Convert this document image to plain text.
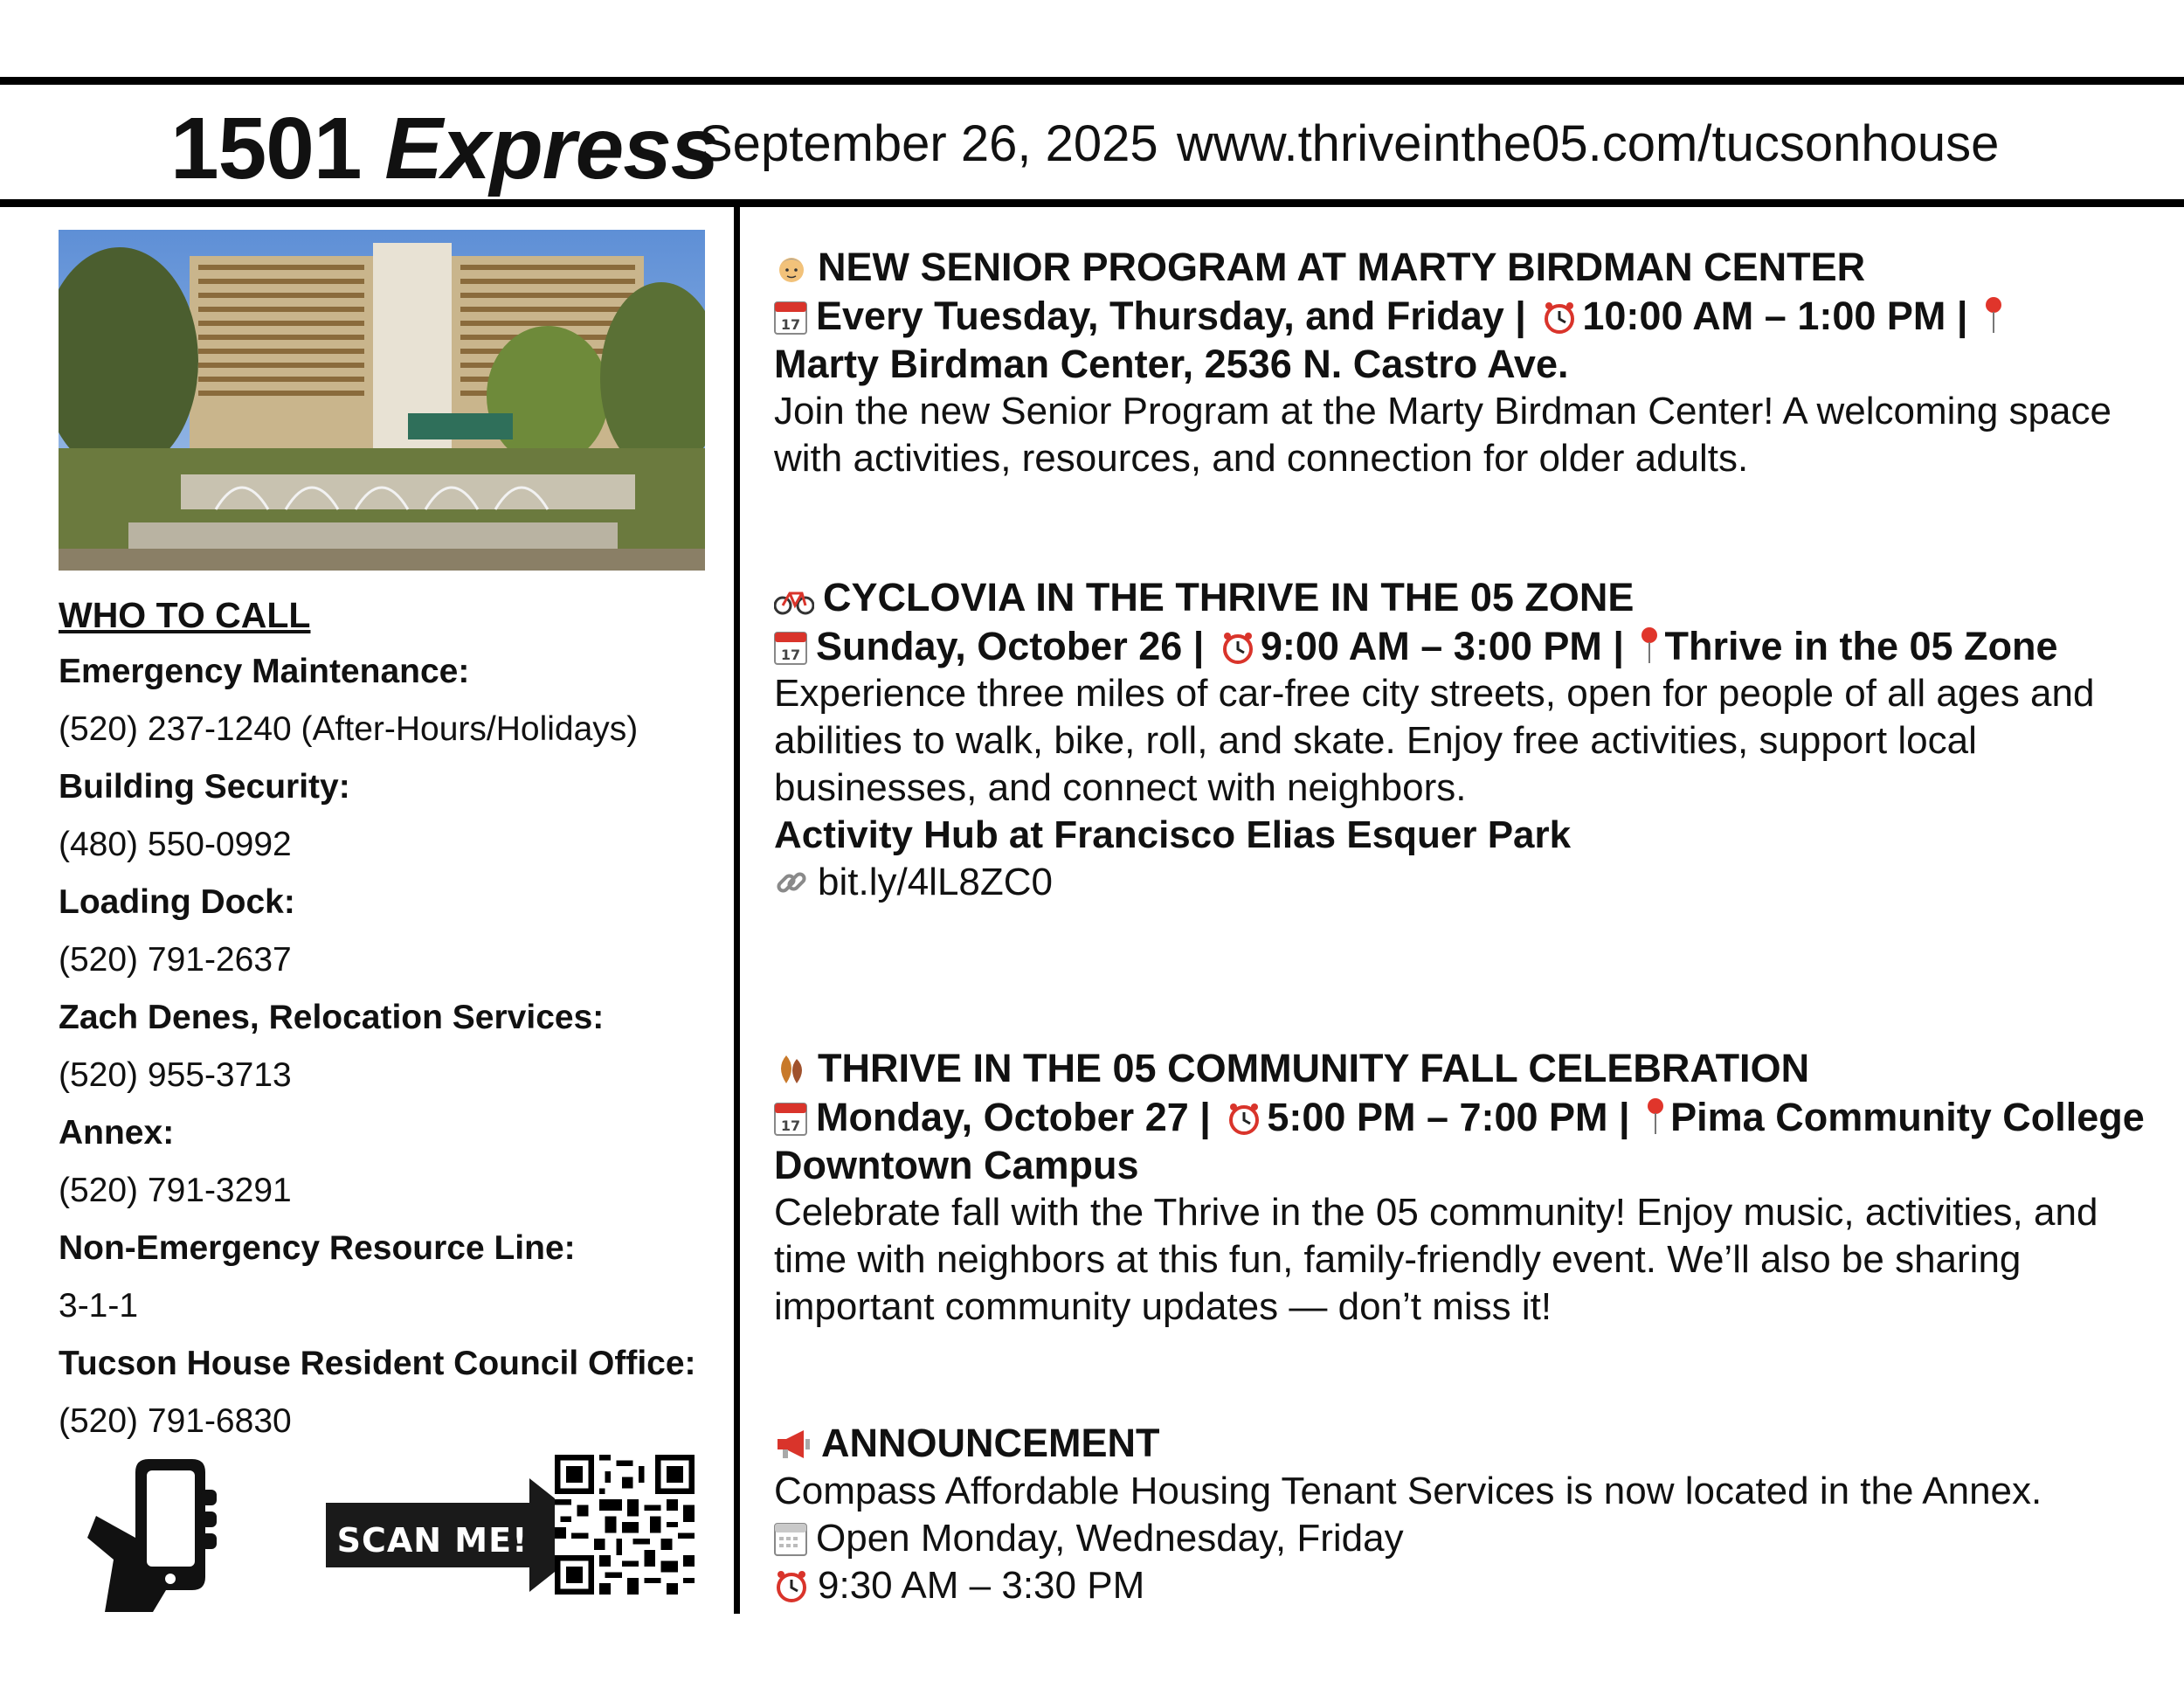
1501 Express
September 26, 2025 www.thriveinthe05.com/tucsonhouse
WHO TO CALL
Emergency Maintenance:
(520) 237-1240 (After-Hours/Holidays)
Building Security:
(480) 550-0992
Loading Dock:
(520) 791-2637
Zach Denes, Relocation Services:
(520) 955-3713
Annex:
(520) 791-3291
Non-Emergency Resource Line:
3-1-1
Tucson House Resident Council Office:
(520) 791-6830
SCAN ME!
NEW SENIOR PROGRAM AT MARTY BIRDMAN CENTER
17 Every Tuesday, Thursday, and Friday | 10:00 AM – 1:00 PM |
Marty Birdman Center, 2536 N. Castro Ave.
Join the new Senior Program at the Marty Birdman Center! A welcoming space with activities, resources, and connection for older adults.
CYCLOVIA IN THE THRIVE IN THE 05 ZONE
17 Sunday, October 26 | 9:00 AM – 3:00 PM | Thrive in the 05 Zone
Experience three miles of car-free city streets, open for people of all ages and abilities to walk, bike, roll, and skate. Enjoy free activities, support local businesses, and connect with neighbors.
Activity Hub at Francisco Elias Esquer Park
bit.ly/4lL8ZC0
THRIVE IN THE 05 COMMUNITY FALL CELEBRATION
17 Monday, October 27 | 5:00 PM – 7:00 PM | Pima Community College Downtown Campus
Celebrate fall with the Thrive in the 05 community! Enjoy music, activities, and time with neighbors at this fun, family-friendly event. We’ll also be sharing important community updates — don’t miss it!
ANNOUNCEMENT
Compass Affordable Housing Tenant Services is now located in the Annex.
Open Monday, Wednesday, Friday
9:30 AM – 3:30 PM
